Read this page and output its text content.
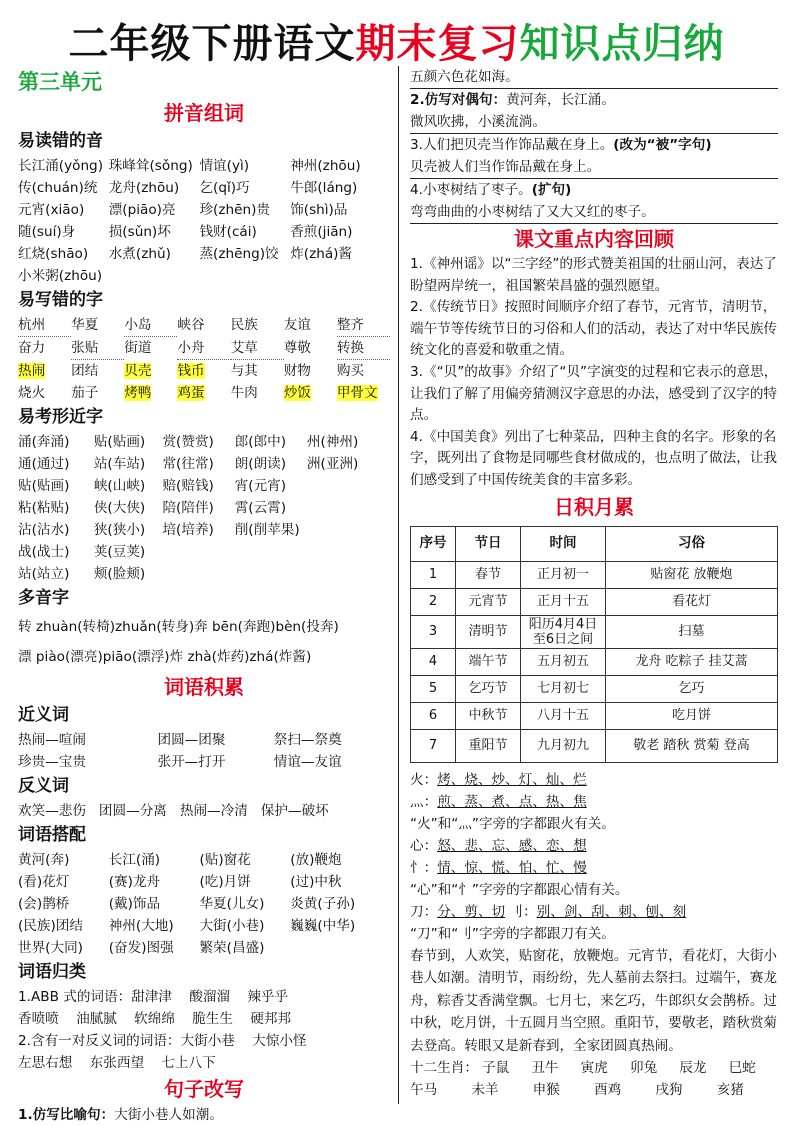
二年级下册语文期末复习知识点归纳
第三单元
拼音组词
易读错的音
长江涌(yǒng) 珠峰耸(sǒng) 情谊(yì)	神州(zhōu)
传(chuán)统 龙舟(zhōu)	乞(qǐ)巧	牛郎(láng)
元宵(xiāo)	漂(piāo)亮	珍(zhēn)贵	饰(shì)品
随(suí)身	损(sǔn)坏	钱财(cái)	香煎(jiān)
红烧(shāo)	水煮(zhǔ)	蒸(zhēng)饺 炸(zhá)酱
小米粥(zhōu)
易写错的字
杭州	华夏	小岛	峡谷	民族	友谊	整齐
奋力	张贴	街道	小舟	艾草	尊敬	转换
热闹	团结	贝壳	钱币	与其	财物	购买
烧火	茄子	烤鸭	鸡蛋	牛肉	炒饭	甲骨文
易考形近字
涌(奔涌)	贴(贴画)	赏(赞赏)	郎(郎中)	州(神州)
通(通过)	站(车站)	常(往常)	朗(朗读)	洲(亚洲)
贴(贴画)	峡(山峡)	赔(赔钱)	宵(元宵)
粘(粘贴)	侠(大侠)	陪(陪伴)	霄(云霄)
沾(沾水)	狭(狭小)	培(培养)	削(削苹果)
战(战士)	荚(豆荚)
站(站立)	颊(脸颊)
多音字
转 zhuàn(转椅)zhuǎn(转身)奔 bēn(奔跑)bèn(投奔)
漂 piào(漂亮)piāo(漂浮)炸 zhà(炸药)zhá(炸酱)
词语积累
近义词
热闹—喧闹	团圆—团聚	祭扫—祭奠
珍贵—宝贵	张开—打开	情谊—友谊
反义词
欢笑—悲伤   团圆—分离   热闹—冷清   保护—破坏
词语搭配
黄河(奔)	长江(涌)	(贴)窗花	(放)鞭炮
(看)花灯	(赛)龙舟	(吃)月饼	(过)中秋
(会)鹊桥	(戴)饰品	华夏(儿女)	炎黄(子孙)
(民族)团结	神州(大地)	大街(小巷)	巍巍(中华)
世界(大同)	(奋发)图强	繁荣(昌盛)
词语归类
1.ABB 式的词语：甜津津    酸溜溜    辣乎乎
香喷喷    油腻腻    软绵绵    脆生生    硬邦邦
2.含有一对反义词的词语：大街小巷    大惊小怪
左思右想    东张西望    七上八下
句子改写
1.仿写比喻句：大街小巷人如潮。
五颜六色花如海。
2.仿写对偶句：黄河奔，长江涌。
微风吹拂，小溪流淌。
3.人们把贝壳当作饰品戴在身上。(改为“被”字句)
贝壳被人们当作饰品戴在身上。
4.小枣树结了枣子。(扩句)
弯弯曲曲的小枣树结了又大又红的枣子。
课文重点内容回顾
1.《神州谣》以“三字经”的形式赞美祖国的壮丽山河，表达了盼望两岸统一，祖国繁荣昌盛的强烈愿望。
2.《传统节日》按照时间顺序介绍了春节，元宵节，清明节，端午节等传统节日的习俗和人们的活动，表达了对中华民族传统文化的喜爱和敬重之情。
3.《“贝”的故事》介绍了“贝”字演变的过程和它表示的意思，让我们了解了用偏旁猜测汉字意思的办法，感受到了汉字的特点。
4.《中国美食》列出了七种菜品，四种主食的名字。形象的名字，既列出了食物是同哪些食材做成的，也点明了做法，让我们感受到了中国传统美食的丰富多彩。
日积月累
序号	节日	时间	习俗
1	春节	正月初一	贴窗花 放鞭炮
2	元宵节	正月十五	看花灯
3	清明节	阳历4月4日至6日之间	扫墓
4	端午节	五月初五	龙舟 吃粽子 挂艾蒿
5	乞巧节	七月初七	乞巧
6	中秋节	八月十五	吃月饼
7	重阳节	九月初九	敬老 踏秋 赏菊 登高
火：烤、烧、炒、灯、灿、烂
灬：煎、蒸、煮、点、热、焦
“火”和“灬”字旁的字都跟火有关。
心：怒、悲、忘、感、恋、想
忄：情、惊、慌、怕、忙、慢
“心”和“忄”字旁的字都跟心情有关。
刀：分、剪、切 刂：别、剑、刮、刺、刨、刻
“刀”和“刂”字旁的字都跟刀有关。
春节到，人欢笑，贴窗花，放鞭炮。元宵节，看花灯，大街小巷人如潮。清明节，雨纷纷，先人墓前去祭扫。过端午，赛龙舟，粽香艾香满堂飘。七月七，来乞巧，牛郎织女会鹊桥。过中秋，吃月饼，十五圆月当空照。重阳节，要敬老，踏秋赏菊去登高。转眼又是新春到，全家团圆真热闹。
十二生肖： 子鼠	丑牛	寅虎	卯兔	辰龙	巳蛇
午马	未羊	申猴	酉鸡	戌狗	亥猪
